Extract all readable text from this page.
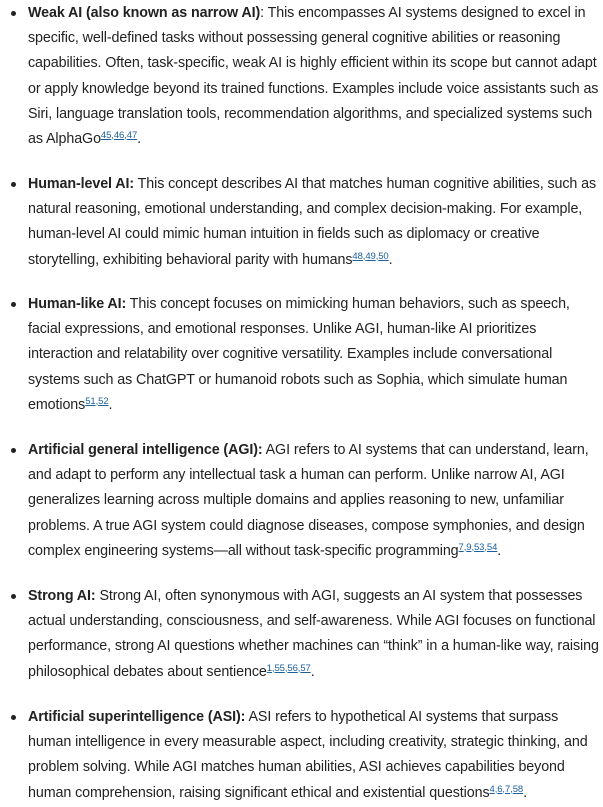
Weak AI (also known as narrow AI): This encompasses AI systems designed to excel in specific, well-defined tasks without possessing general cognitive abilities or reasoning capabilities. Often, task-specific, weak AI is highly efficient within its scope but cannot adapt or apply knowledge beyond its trained functions. Examples include voice assistants such as Siri, language translation tools, recommendation algorithms, and specialized systems such as AlphaGo$^{45,46,47}$.
Human-level AI: This concept describes AI that matches human cognitive abilities, such as natural reasoning, emotional understanding, and complex decision-making. For example, human-level AI could mimic human intuition in fields such as diplomacy or creative storytelling, exhibiting behavioral parity with humans$^{48,49,50}$.
Human-like AI: This concept focuses on mimicking human behaviors, such as speech, facial expressions, and emotional responses. Unlike AGI, human-like AI prioritizes interaction and relatability over cognitive versatility. Examples include conversational systems such as ChatGPT or humanoid robots such as Sophia, which simulate human emotions$^{51,52}$.
Artificial general intelligence (AGI): AGI refers to AI systems that can understand, learn, and adapt to perform any intellectual task a human can perform. Unlike narrow AI, AGI generalizes learning across multiple domains and applies reasoning to new, unfamiliar problems. A true AGI system could diagnose diseases, compose symphonies, and design complex engineering systems—all without task-specific programming$^{7,9,53,54}$.
Strong AI: Strong AI, often synonymous with AGI, suggests an AI system that possesses actual understanding, consciousness, and self-awareness. While AGI focuses on functional performance, strong AI questions whether machines can “think” in a human-like way, raising philosophical debates about sentience$^{1,55,56,57}$.
Artificial superintelligence (ASI): ASI refers to hypothetical AI systems that surpass human intelligence in every measurable aspect, including creativity, strategic thinking, and problem solving. While AGI matches human abilities, ASI achieves capabilities beyond human comprehension, raising significant ethical and existential questions$^{4,6,7,58}$.
